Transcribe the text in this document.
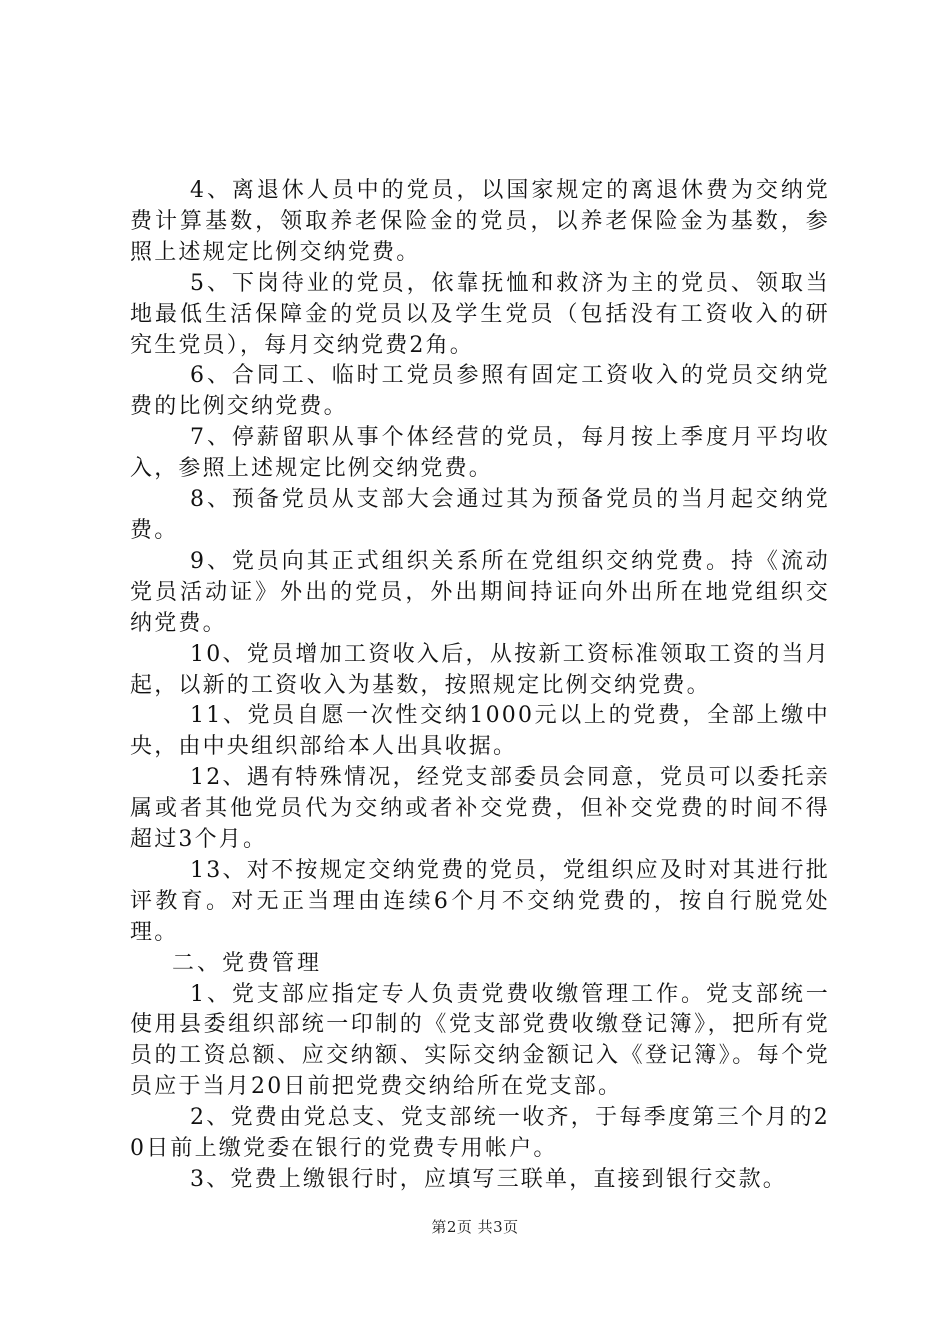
4、离退休人员中的党员，以国家规定的离退休费为交纳党费计算基数，领取养老保险金的党员，以养老保险金为基数，参照上述规定比例交纳党费。

5、下岗待业的党员，依靠抚恤和救济为主的党员、领取当地最低生活保障金的党员以及学生党员（包括没有工资收入的研究生党员），每月交纳党费2角。

6、合同工、临时工党员参照有固定工资收入的党员交纳党费的比例交纳党费。

7、停薪留职从事个体经营的党员，每月按上季度月平均收入，参照上述规定比例交纳党费。

8、预备党员从支部大会通过其为预备党员的当月起交纳党费。

9、党员向其正式组织关系所在党组织交纳党费。持《流动党员活动证》外出的党员，外出期间持证向外出所在地党组织交纳党费。

10、党员增加工资收入后，从按新工资标准领取工资的当月起，以新的工资收入为基数，按照规定比例交纳党费。

11、党员自愿一次性交纳1000元以上的党费，全部上缴中央，由中央组织部给本人出具收据。

12、遇有特殊情况，经党支部委员会同意，党员可以委托亲属或者其他党员代为交纳或者补交党费，但补交党费的时间不得超过3个月。

13、对不按规定交纳党费的党员，党组织应及时对其进行批评教育。对无正当理由连续6个月不交纳党费的，按自行脱党处理。

二、党费管理

1、党支部应指定专人负责党费收缴管理工作。党支部统一使用县委组织部统一印制的《党支部党费收缴登记簿》，把所有党员的工资总额、应交纳额、实际交纳金额记入《登记簿》。每个党员应于当月20日前把党费交纳给所在党支部。

2、党费由党总支、党支部统一收齐，于每季度第三个月的20日前上缴党委在银行的党费专用帐户。

3、党费上缴银行时，应填写三联单，直接到银行交款。

第2页 共3页
